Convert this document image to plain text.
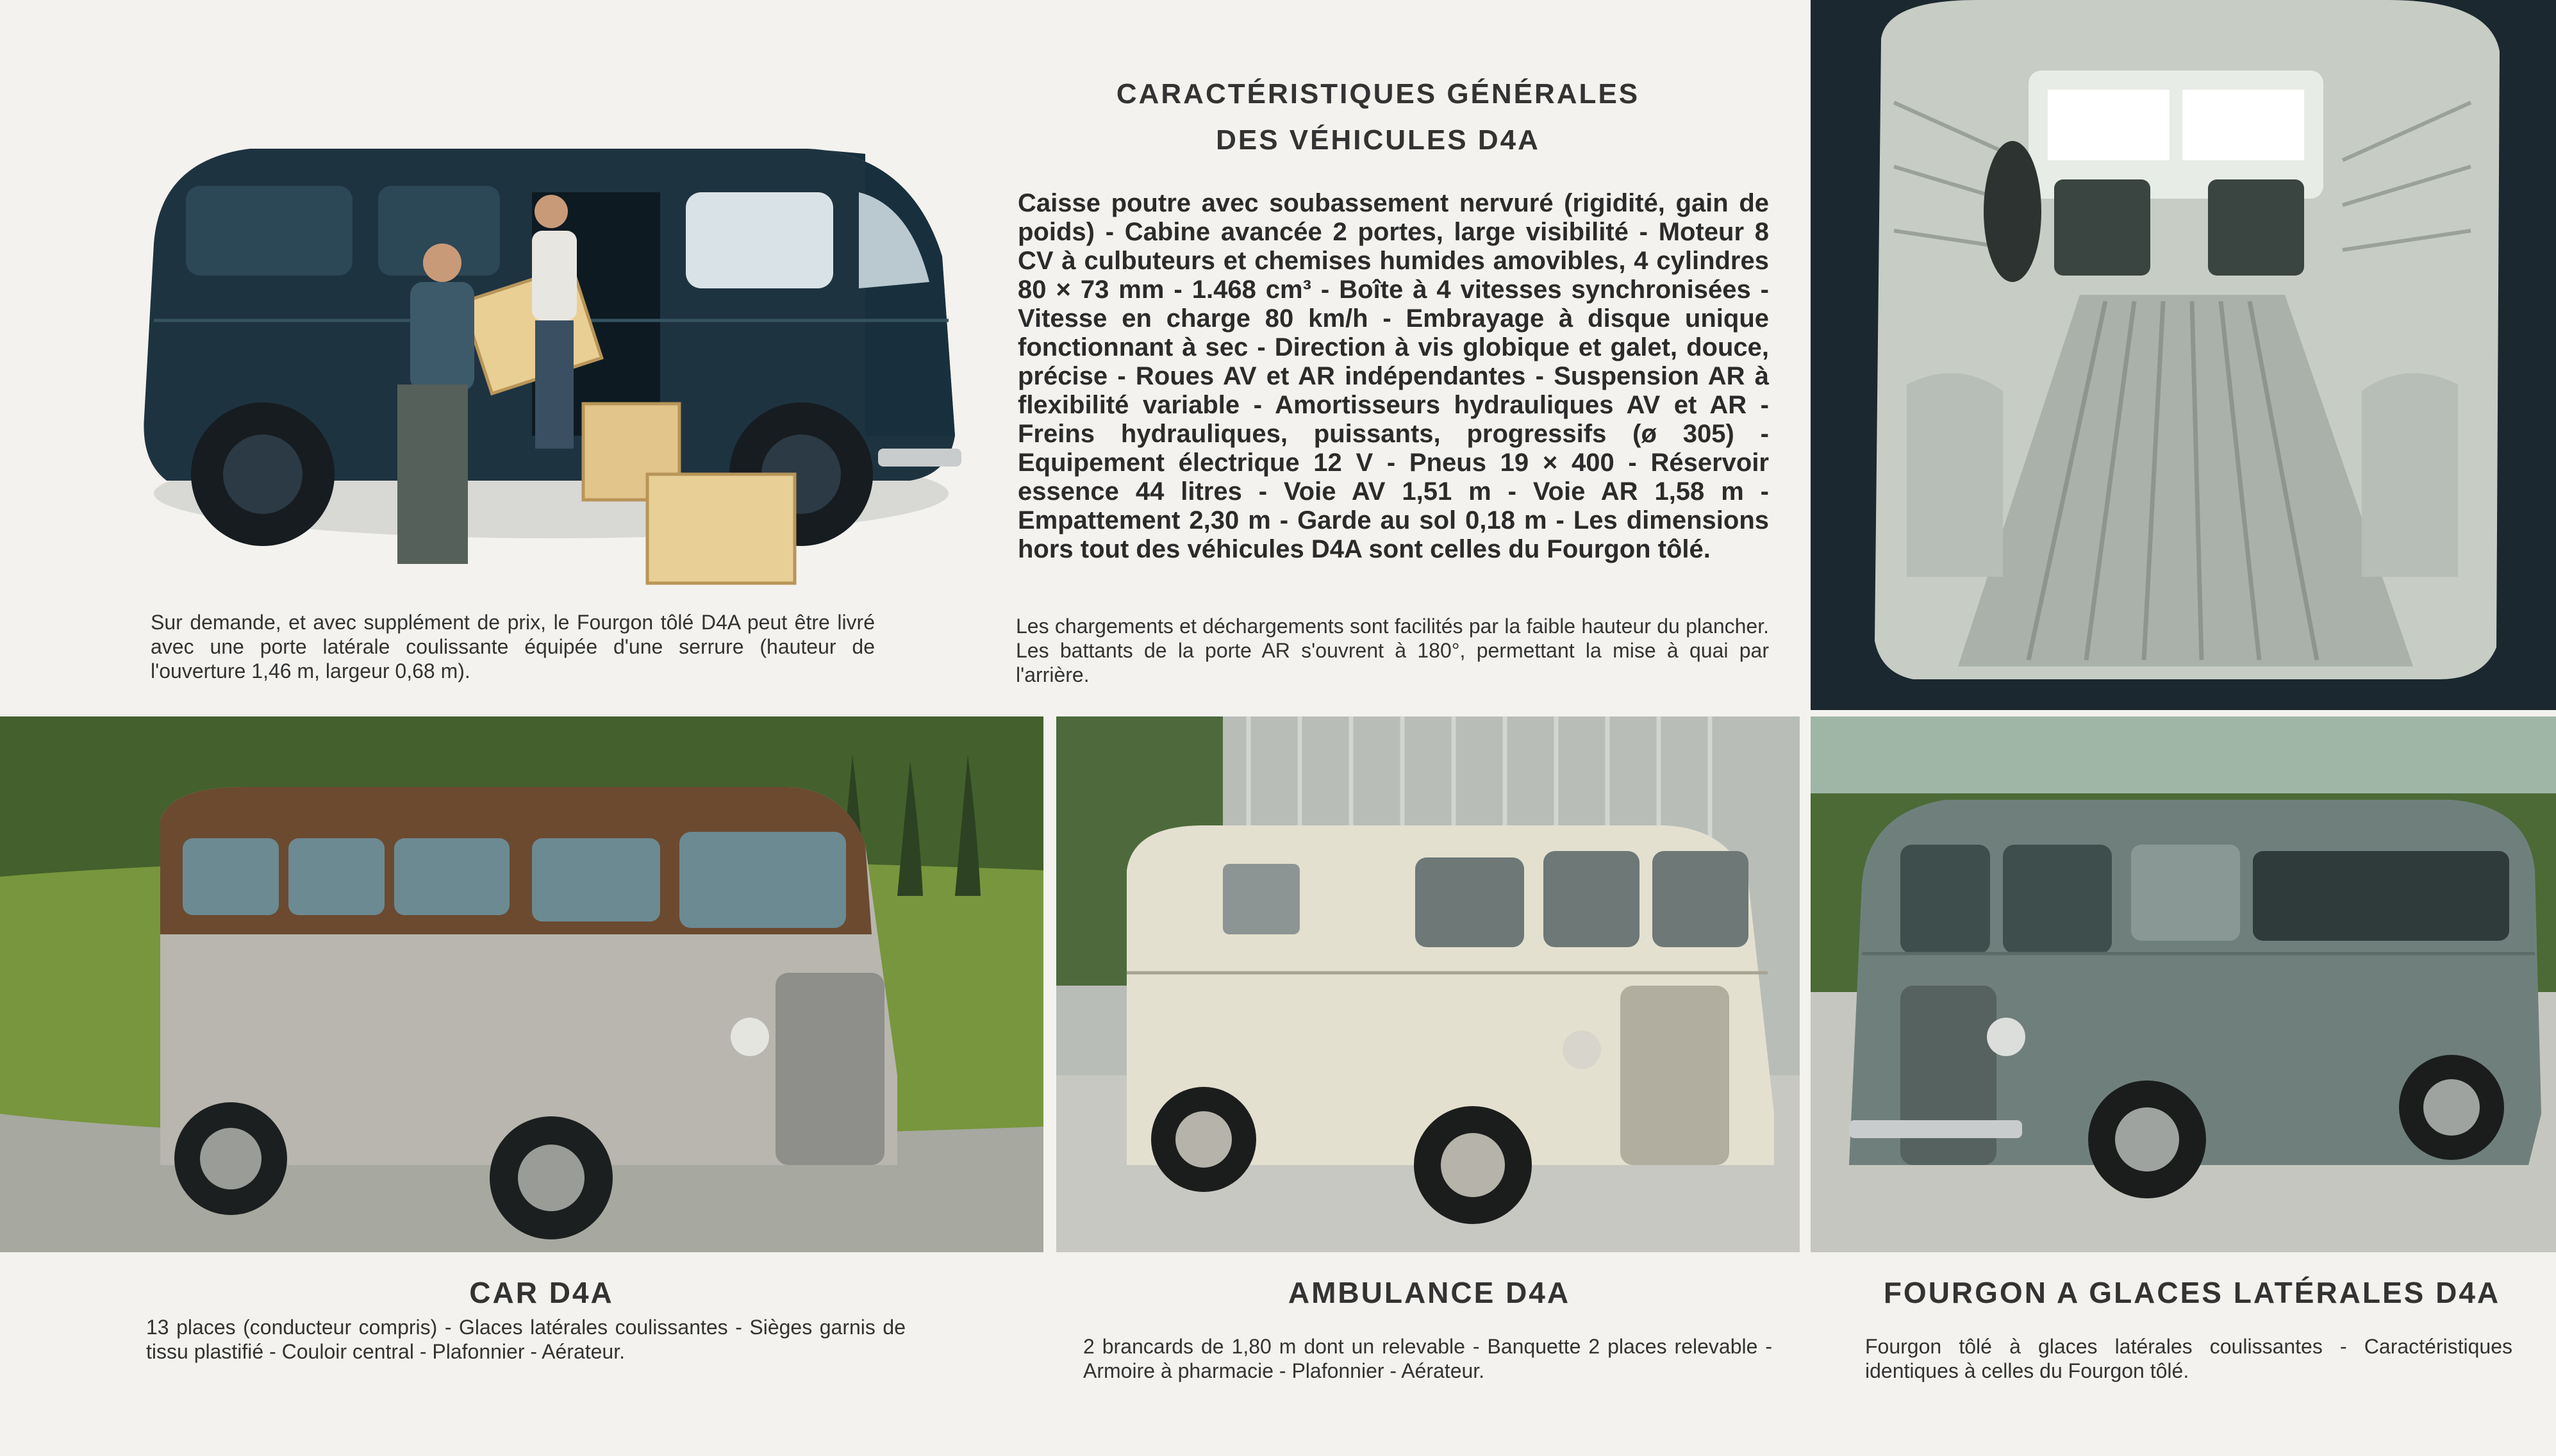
Sur demande, et avec supplément de prix, le Fourgon tôlé D4A peut être livré avec une porte latérale coulissante équipée d'une serrure (hauteur de l'ouverture 1,46 m, largeur 0,68 m).

CARACTÉRISTIQUES GÉNÉRALES
DES VÉHICULES D4A

Caisse poutre avec soubassement nervuré (rigidité, gain de poids) - Cabine avancée 2 portes, large visibilité - Moteur 8 CV à culbuteurs et chemises humides amovibles, 4 cylindres 80 × 73 mm - 1.468 cm³ - Boîte à 4 vitesses synchronisées - Vitesse en charge 80 km/h - Embrayage à disque unique fonctionnant à sec - Direction à vis globique et galet, douce, précise - Roues AV et AR indépendantes - Suspension AR à flexibilité variable - Amortisseurs hydrauliques AV et AR - Freins hydrauliques, puissants, progressifs (ø 305) - Equipement électrique 12 V - Pneus 19 × 400 - Réservoir essence 44 litres - Voie AV 1,51 m - Voie AR 1,58 m - Empattement 2,30 m - Garde au sol 0,18 m - Les dimensions hors tout des véhicules D4A sont celles du Fourgon tôlé.

Les chargements et déchargements sont facilités par la faible hauteur du plancher. Les battants de la porte AR s'ouvrent à 180°, permettant la mise à quai par l'arrière.

CAR D4A

13 places (conducteur compris) - Glaces latérales coulissantes - Sièges garnis de tissu plastifié - Couloir central - Plafonnier - Aérateur.

AMBULANCE D4A

2 brancards de 1,80 m dont un relevable - Banquette 2 places relevable - Armoire à pharmacie - Plafonnier - Aérateur.

FOURGON A GLACES LATÉRALES D4A

Fourgon tôlé à glaces latérales coulissantes - Caractéristiques identiques à celles du Fourgon tôlé.
